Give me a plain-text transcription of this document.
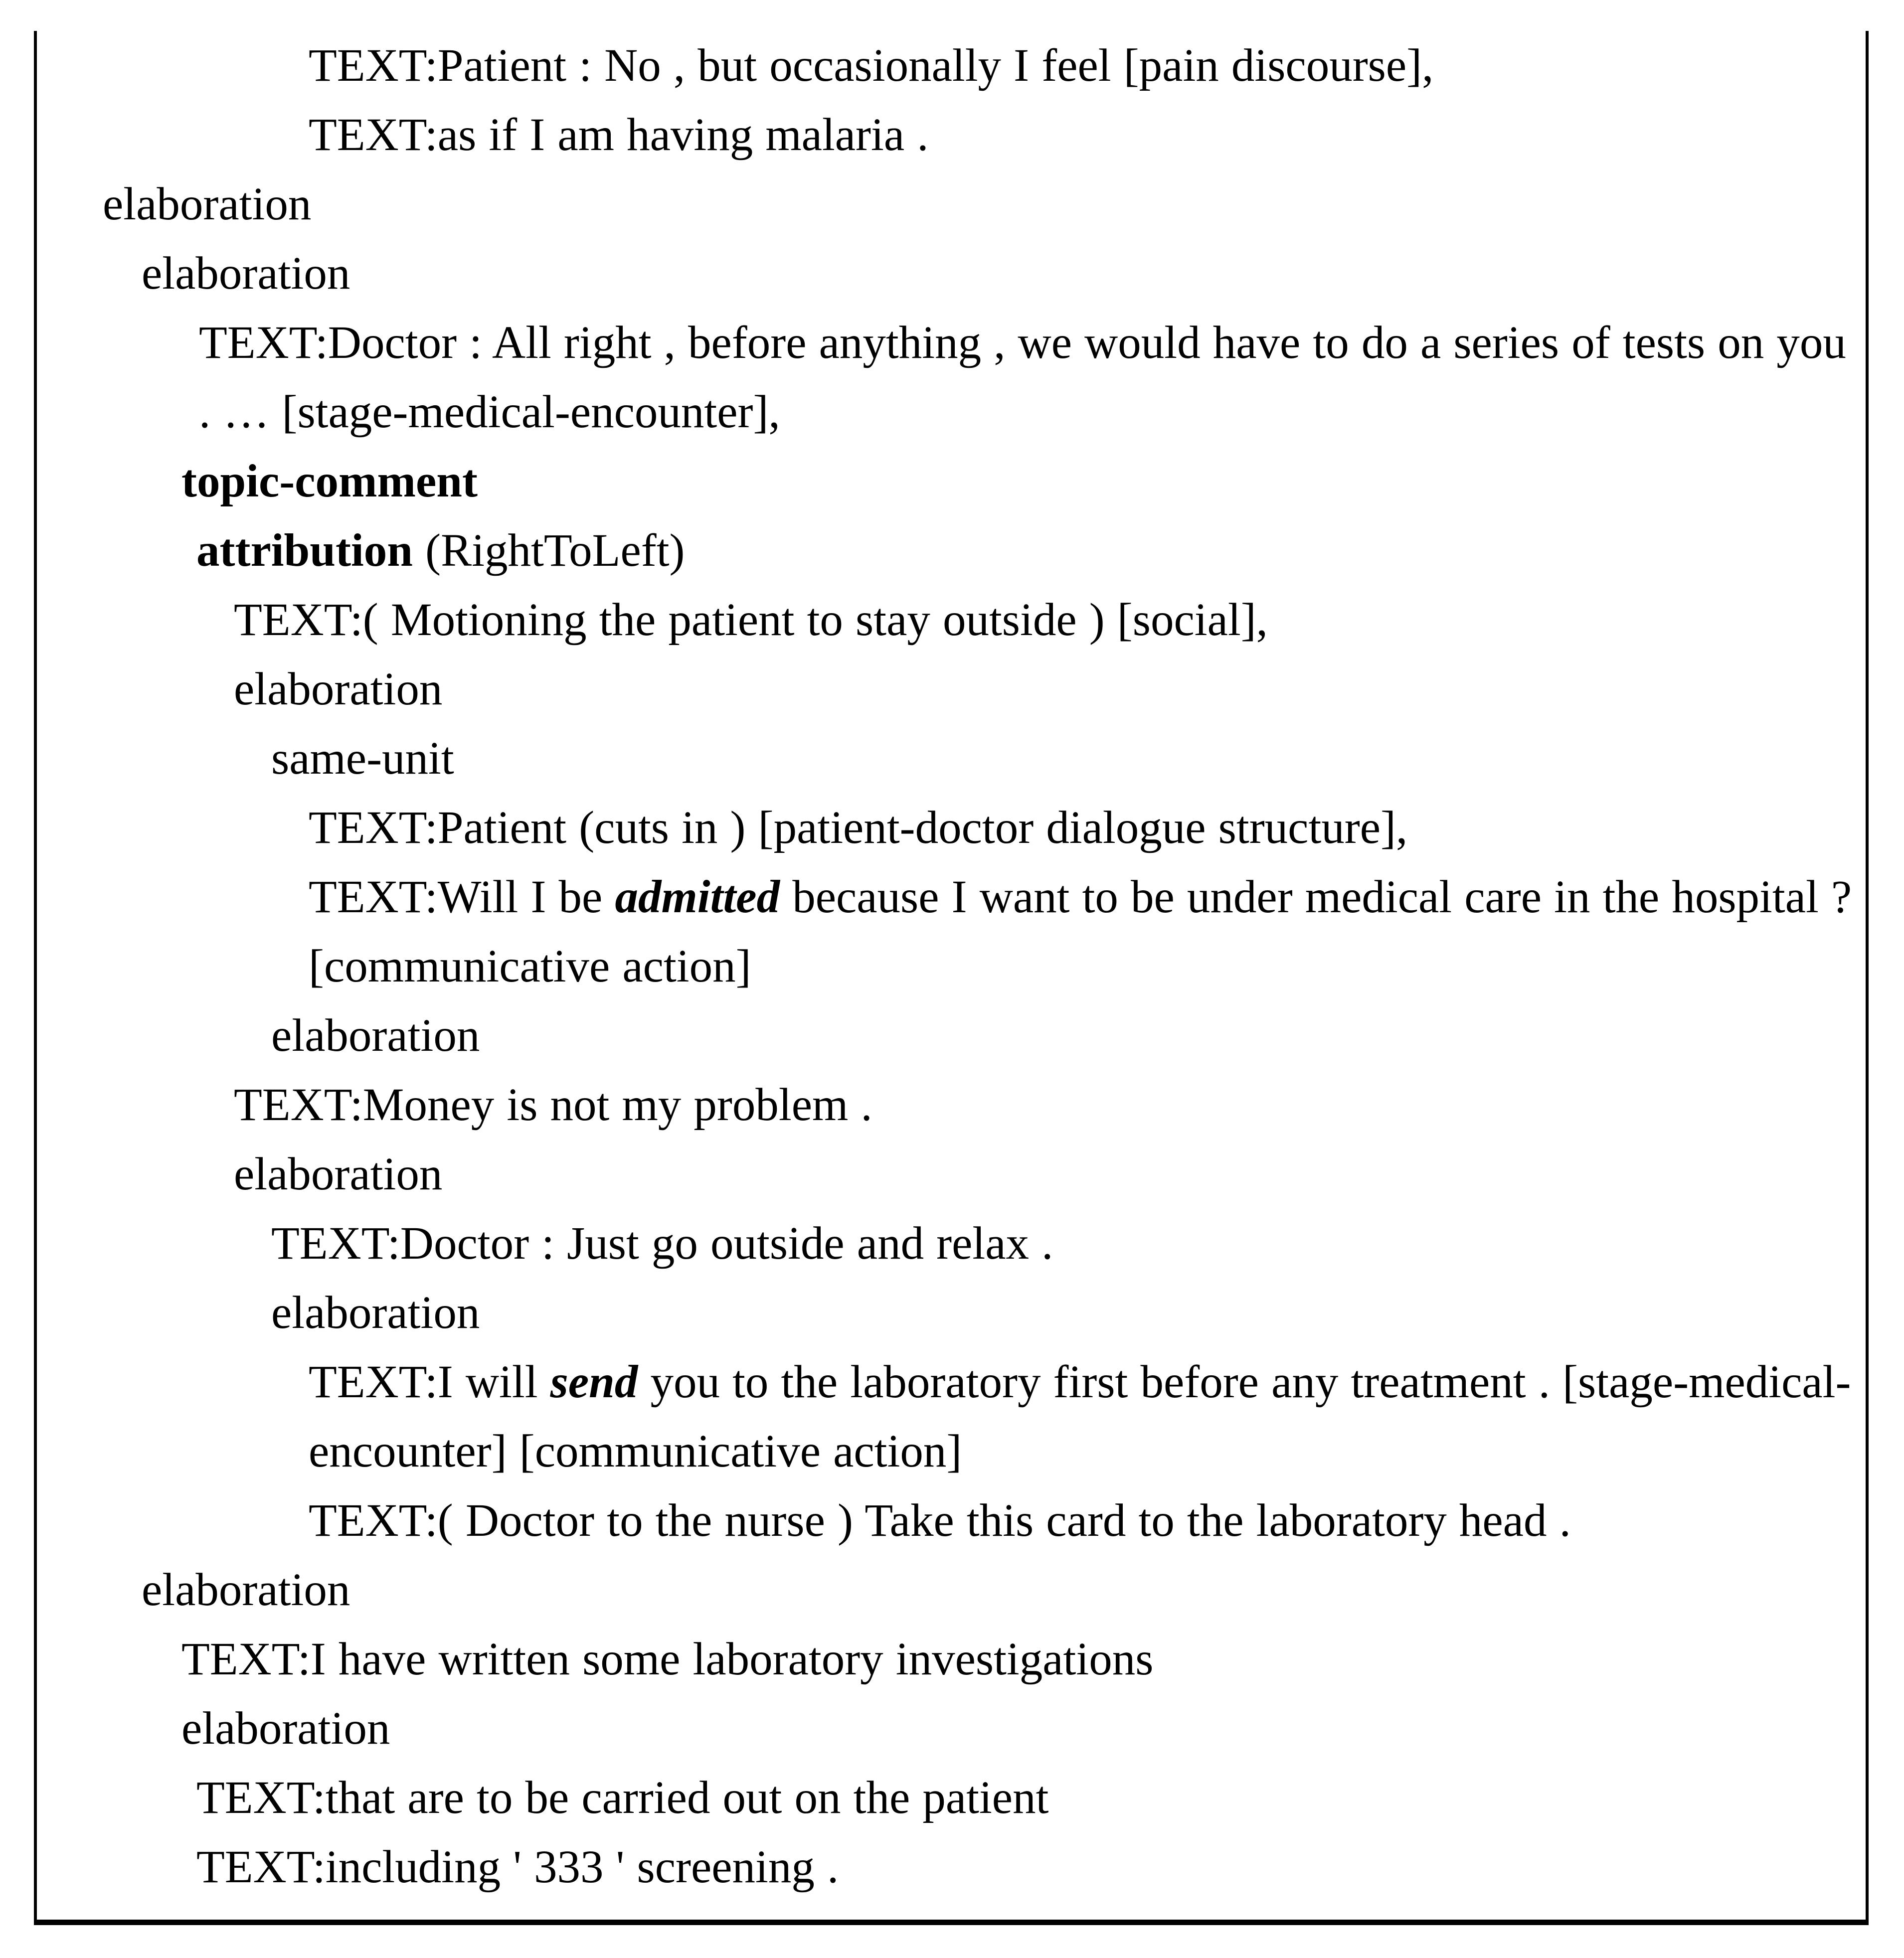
TEXT:Patient : No , but occasionally I feel [pain discourse],
TEXT:as if I am having malaria .
elaboration
elaboration
TEXT:Doctor : All right , before anything , we would have to do a series of tests on you . … [stage-medical-encounter],
topic-comment
attribution (RightToLeft)
TEXT:( Motioning the patient to stay outside ) [social],
elaboration
same-unit
TEXT:Patient (cuts in ) [patient-doctor dialogue structure],
TEXT:Will I be admitted because I want to be under medical care in the hospital ? [communicative action]
elaboration
TEXT:Money is not my problem .
elaboration
TEXT:Doctor : Just go outside and relax .
elaboration
TEXT:I will send you to the laboratory first before any treatment . [stage-medical-encounter] [communicative action]
TEXT:( Doctor to the nurse ) Take this card to the laboratory head .
elaboration
TEXT:I have written some laboratory investigations
elaboration
TEXT:that are to be carried out on the patient
TEXT:including ' 333 ' screening .
